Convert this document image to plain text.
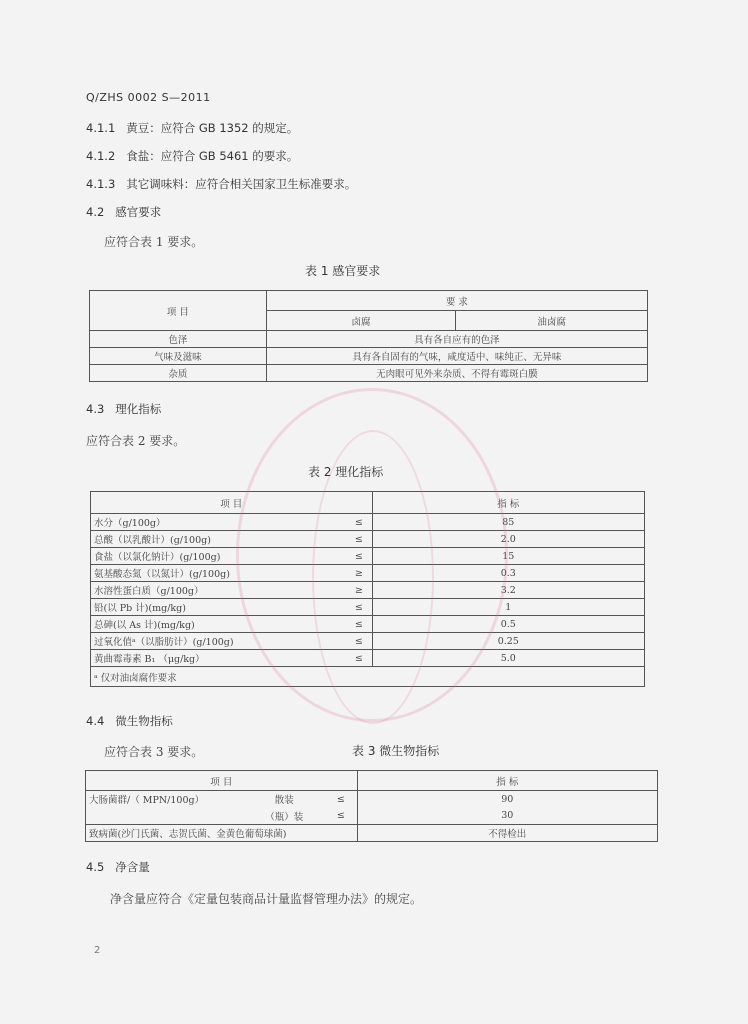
Q/ZHS 0002 S—2011
4.1.1 黄豆：应符合 GB 1352 的规定。
4.1.2 食盐：应符合 GB 5461 的要求。
4.1.3 其它调味料：应符合相关国家卫生标准要求。
4.2 感官要求
应符合表 1 要求。
表 1 感官要求
项 目	要 求	
	卤腐	油卤腐
色泽	具有各自应有的色泽	
气味及滋味	具有各自固有的气味，咸度适中、味纯正、无异味	
杂质	无肉眼可见外来杂质、不得有霉斑白膜	
4.3 理化指标
应符合表 2 要求。
表 2 理化指标
项 目		指 标
水分（g/100g）	≤	85
总酸（以乳酸计）(g/100g)	≤	2.0
食盐（以氯化钠计）(g/100g)	≤	15
氨基酸态氮（以氮计）(g/100g)	≥	0.3
水溶性蛋白质（g/100g）	≥	3.2
铅(以 Pb 计)(mg/kg)	≤	1
总砷(以 As 计)(mg/kg)	≤	0.5
过氧化值ᵃ（以脂肪计）(g/100g)	≤	0.25
黄曲霉毒素 B₁ （μg/kg）	≤	5.0
ᵃ 仅对油卤腐作要求		
4.4 微生物指标
应符合表 3 要求。	表 3 微生物指标
项 目			指 标
大肠菌群/（ MPN/100g）	散装	≤	90
	（瓶）装	≤	30
致病菌(沙门氏菌、志贺氏菌、金黄色葡萄球菌)			不得检出
4.5 净含量
净含量应符合《定量包装商品计量监督管理办法》的规定。
2
